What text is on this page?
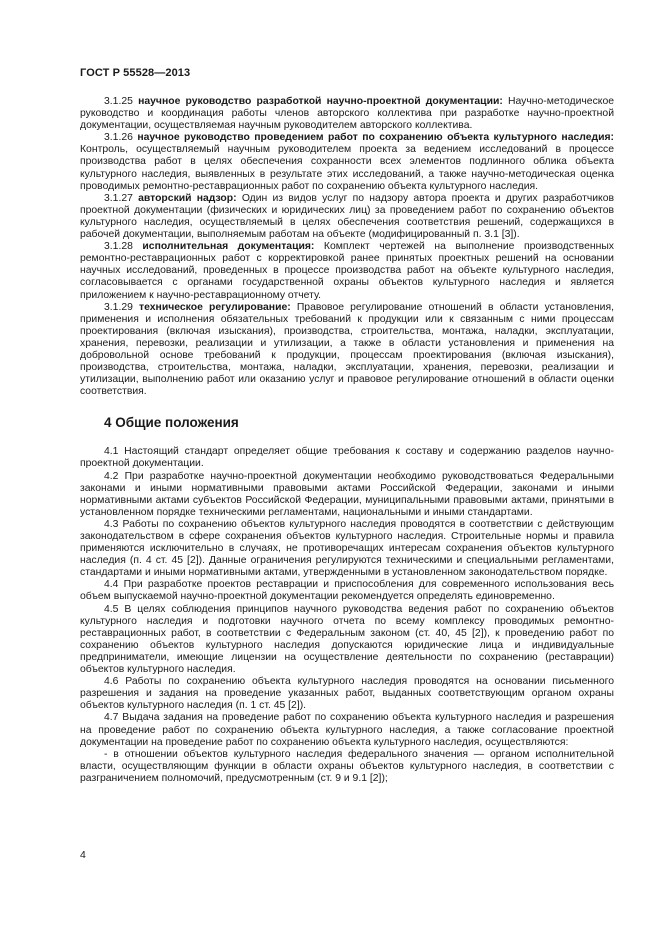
ГОСТ Р 55528—2013

3.1.25 научное руководство разработкой научно-проектной документации: Научно-методическое руководство и координация работы членов авторского коллектива при разработке научно-проектной документации, осуществляемая научным руководителем авторского коллектива.

3.1.26 научное руководство проведением работ по сохранению объекта культурного наследия: Контроль, осуществляемый научным руководителем проекта за ведением исследований в процессе производства работ в целях обеспечения сохранности всех элементов подлинного облика объекта культурного наследия, выявленных в результате этих исследований, а также научно-методическая оценка проводимых ремонтно-реставрационных работ по сохранению объекта культурного наследия.

3.1.27 авторский надзор: Один из видов услуг по надзору автора проекта и других разработчиков проектной документации (физических и юридических лиц) за проведением работ по сохранению объектов культурного наследия, осуществляемый в целях обеспечения соответствия решений, содержащихся в рабочей документации, выполняемым работам на объекте (модифицированный п. 3.1 [3]).

3.1.28 исполнительная документация: Комплект чертежей на выполнение производственных ремонтно-реставрационных работ с корректировкой ранее принятых проектных решений на основании научных исследований, проведенных в процессе производства работ на объекте культурного наследия, согласовывается с органами государственной охраны объектов культурного наследия и является приложением к научно-реставрационному отчету.

3.1.29 техническое регулирование: Правовое регулирование отношений в области установления, применения и исполнения обязательных требований к продукции или к связанным с ними процессам проектирования (включая изыскания), производства, строительства, монтажа, наладки, эксплуатации, хранения, перевозки, реализации и утилизации, а также в области установления и применения на добровольной основе требований к продукции, процессам проектирования (включая изыскания), производства, строительства, монтажа, наладки, эксплуатации, хранения, перевозки, реализации и утилизации, выполнению работ или оказанию услуг и правовое регулирование отношений в области оценки соответствия.

4 Общие положения

4.1 Настоящий стандарт определяет общие требования к составу и содержанию разделов научно-проектной документации.

4.2 При разработке научно-проектной документации необходимо руководствоваться Федеральными законами и иными нормативными правовыми актами Российской Федерации, законами и иными нормативными актами субъектов Российской Федерации, муниципальными правовыми актами, принятыми в установленном порядке техническими регламентами, национальными и иными стандартами.

4.3 Работы по сохранению объектов культурного наследия проводятся в соответствии с действующим законодательством в сфере сохранения объектов культурного наследия. Строительные нормы и правила применяются исключительно в случаях, не противоречащих интересам сохранения объектов культурного наследия (п. 4 ст. 45 [2]). Данные ограничения регулируются техническими и специальными регламентами, стандартами и иными нормативными актами, утвержденными в установленном законодательством порядке.

4.4 При разработке проектов реставрации и приспособления для современного использования весь объем выпускаемой научно-проектной документации рекомендуется определять единовременно.

4.5 В целях соблюдения принципов научного руководства ведения работ по сохранению объектов культурного наследия и подготовки научного отчета по всему комплексу проводимых ремонтно-реставрационных работ, в соответствии с Федеральным законом (ст. 40, 45 [2]), к проведению работ по сохранению объектов культурного наследия допускаются юридические лица и индивидуальные предприниматели, имеющие лицензии на осуществление деятельности по сохранению (реставрации) объектов культурного наследия.

4.6 Работы по сохранению объекта культурного наследия проводятся на основании письменного разрешения и задания на проведение указанных работ, выданных соответствующим органом охраны объектов культурного наследия (п. 1 ст. 45 [2]).

4.7 Выдача задания на проведение работ по сохранению объекта культурного наследия и разрешения на проведение работ по сохранению объекта культурного наследия, а также согласование проектной документации на проведение работ по сохранению объекта культурного наследия, осуществляются:

- в отношении объектов культурного наследия федерального значения — органом исполнительной власти, осуществляющим функции в области охраны объектов культурного наследия, в соответствии с разграничением полномочий, предусмотренным (ст. 9 и 9.1 [2]);

4
